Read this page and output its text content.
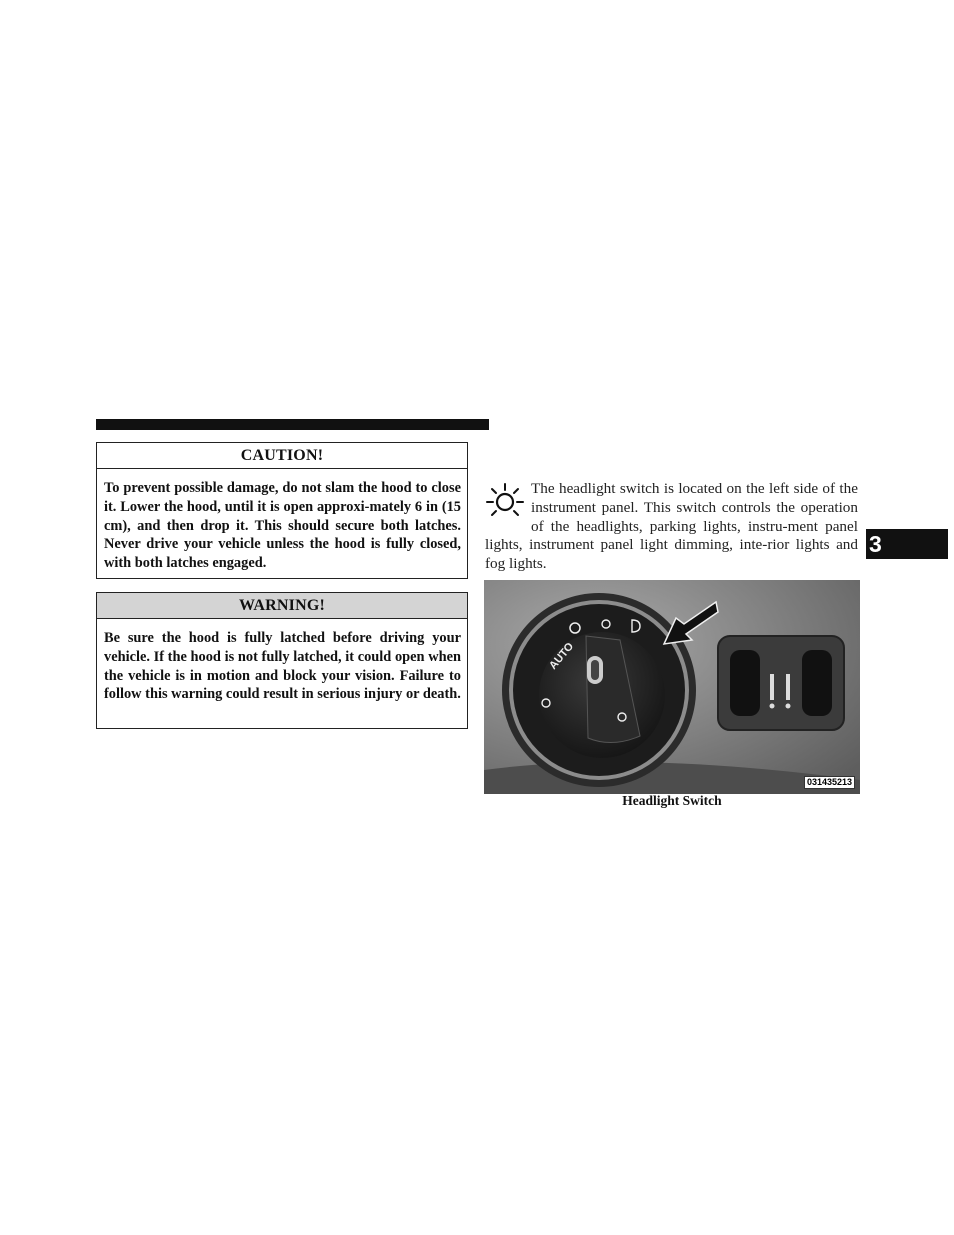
CAUTION!
To prevent possible damage, do not slam the hood to close it. Lower the hood, until it is open approxi-mately 6 in (15 cm), and then drop it. This should secure both latches. Never drive your vehicle unless the hood is fully closed, with both latches engaged.
WARNING!
Be sure the hood is fully latched before driving your vehicle. If the hood is not fully latched, it could open when the vehicle is in motion and block your vision. Failure to follow this warning could result in serious injury or death.
3
The headlight switch is located on the left side of the instrument panel. This switch controls the operation of the headlights, parking lights, instru-ment panel lights, instrument panel light dimming, inte-rior lights and fog lights.
AUTO
031435213
Headlight Switch
